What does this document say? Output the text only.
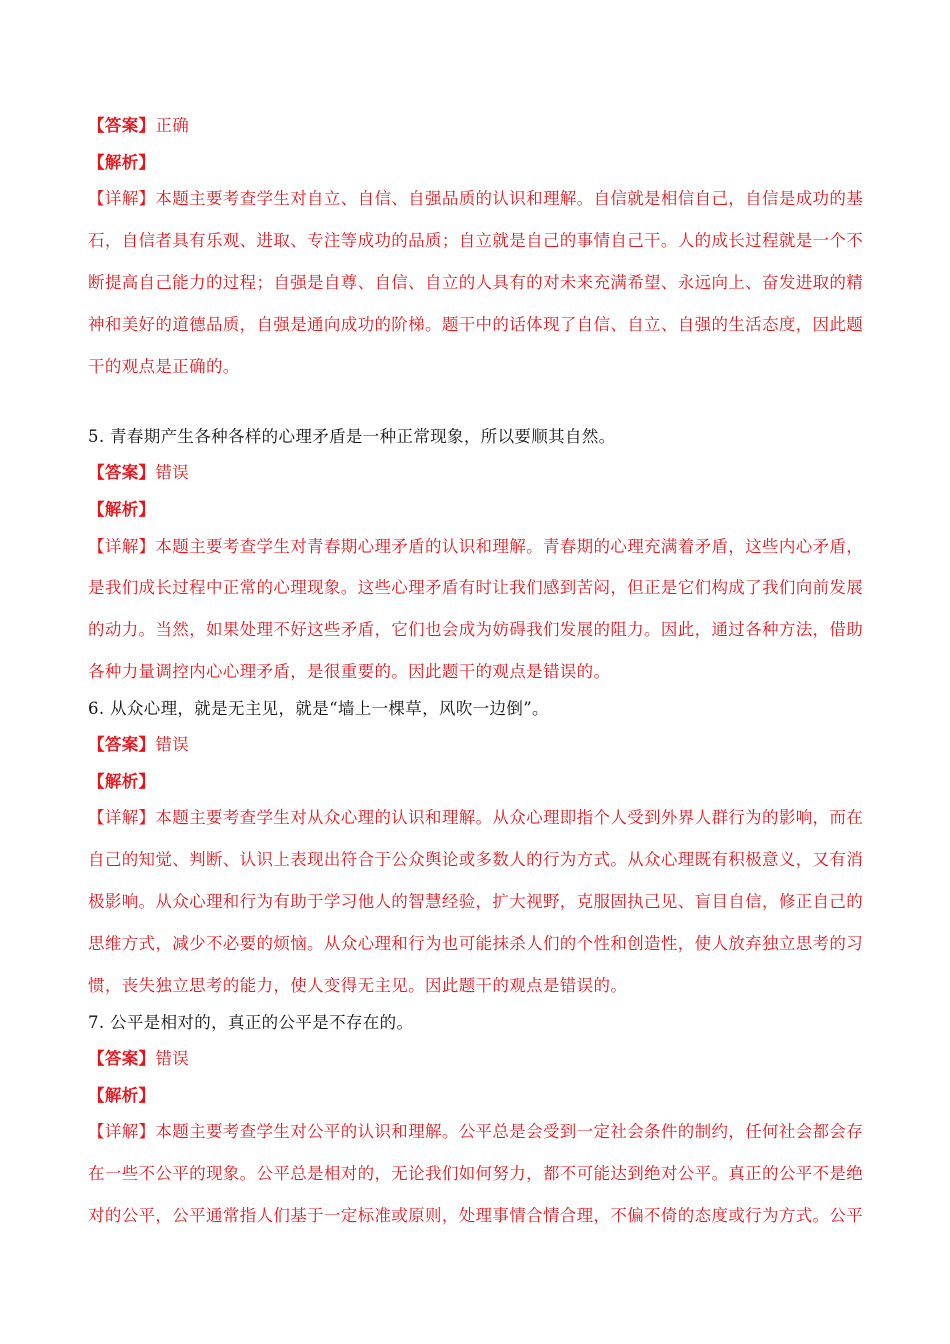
【答案】正确
【解析】
【详解】本题主要考查学生对自立、自信、自强品质的认识和理解。自信就是相信自己，自信是成功的基
石，自信者具有乐观、进取、专注等成功的品质；自立就是自己的事情自己干。人的成长过程就是一个不
断提高自己能力的过程；自强是自尊、自信、自立的人具有的对未来充满希望、永远向上、奋发进取的精
神和美好的道德品质，自强是通向成功的阶梯。题干中的话体现了自信、自立、自强的生活态度，因此题
干的观点是正确的。
5. 青春期产生各种各样的心理矛盾是一种正常现象，所以要顺其自然。
【答案】错误
【解析】
【详解】本题主要考查学生对青春期心理矛盾的认识和理解。青春期的心理充满着矛盾，这些内心矛盾，
是我们成长过程中正常的心理现象。这些心理矛盾有时让我们感到苦闷，但正是它们构成了我们向前发展
的动力。当然，如果处理不好这些矛盾，它们也会成为妨碍我们发展的阻力。因此，通过各种方法，借助
各种力量调控内心心理矛盾，是很重要的。因此题干的观点是错误的。
6. 从众心理，就是无主见，就是“墙上一棵草，风吹一边倒”。
【答案】错误
【解析】
【详解】本题主要考查学生对从众心理的认识和理解。从众心理即指个人受到外界人群行为的影响，而在
自己的知觉、判断、认识上表现出符合于公众舆论或多数人的行为方式。从众心理既有积极意义，又有消
极影响。从众心理和行为有助于学习他人的智慧经验，扩大视野，克服固执己见、盲目自信，修正自己的
思维方式，减少不必要的烦恼。从众心理和行为也可能抹杀人们的个性和创造性，使人放弃独立思考的习
惯，丧失独立思考的能力，使人变得无主见。因此题干的观点是错误的。
7. 公平是相对的，真正的公平是不存在的。
【答案】错误
【解析】
【详解】本题主要考查学生对公平的认识和理解。公平总是会受到一定社会条件的制约，任何社会都会存
在一些不公平的现象。公平总是相对的，无论我们如何努力，都不可能达到绝对公平。真正的公平不是绝
对的公平，公平通常指人们基于一定标准或原则，处理事情合情合理，不偏不倚的态度或行为方式。公平
